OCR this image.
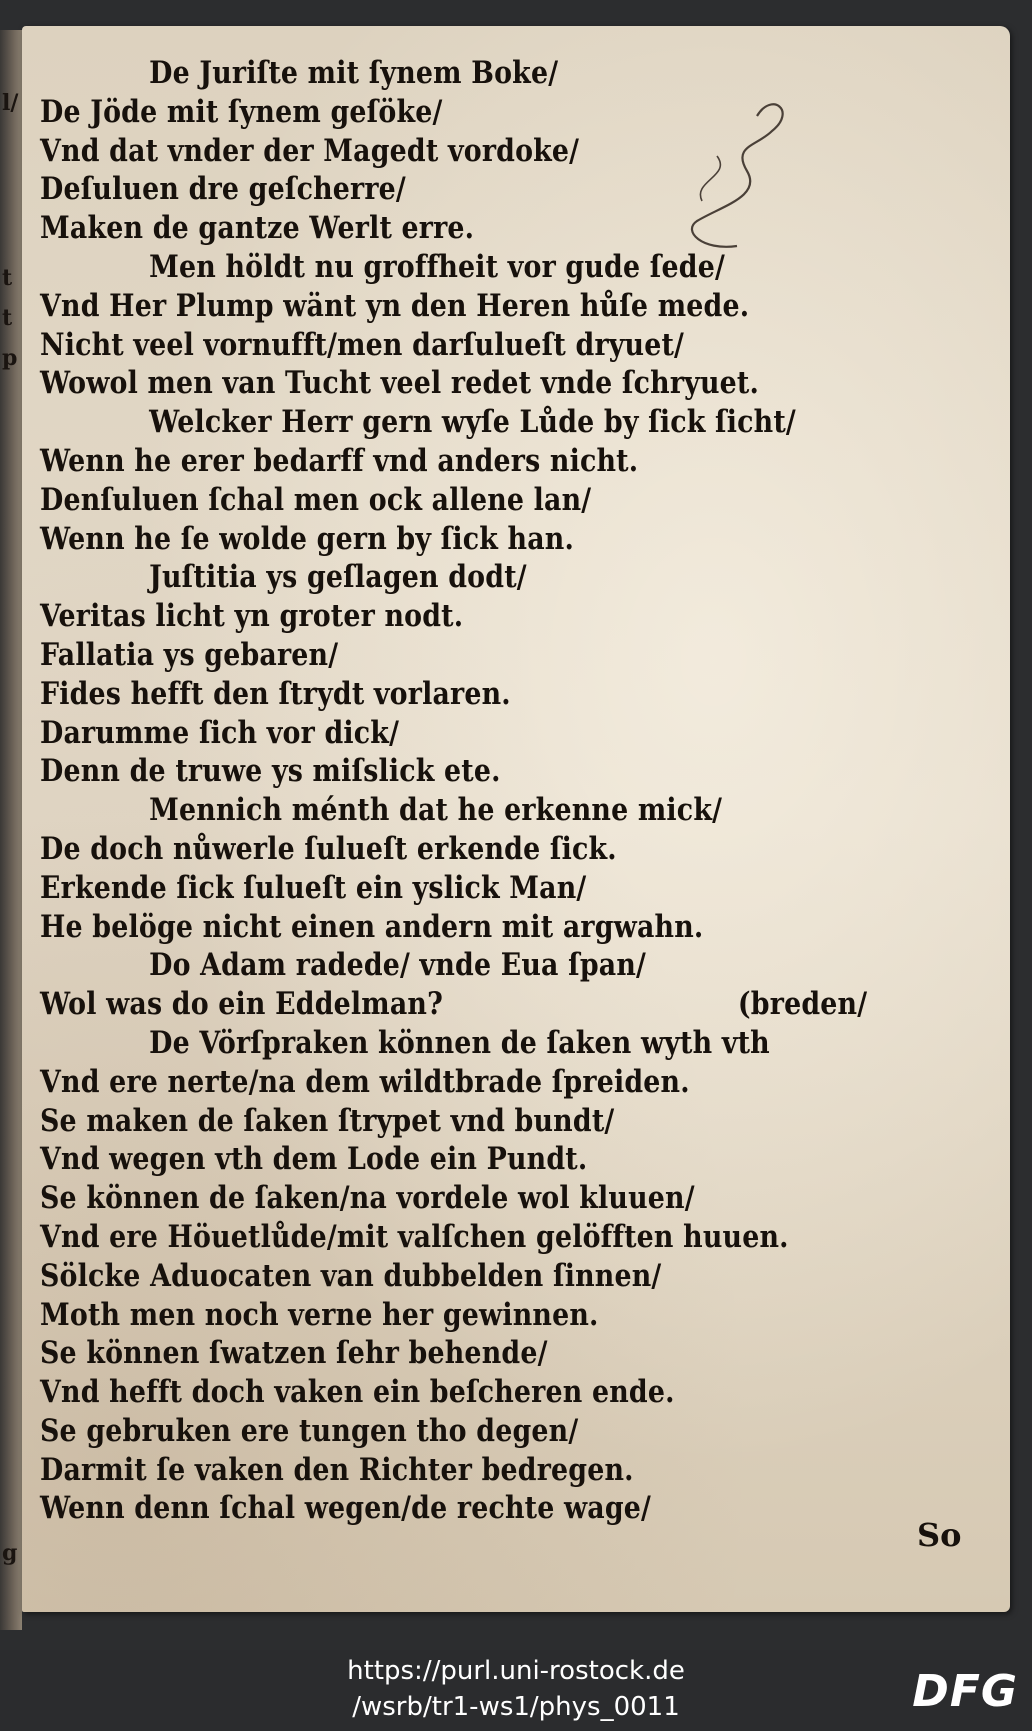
l/
t
t
p
g
De Juriſte mit ſynem Boke/
De Jöde mit ſynem geſöke/
Vnd dat vnder der Magedt vordoke/
Deſuluen dre geſcherre/
Maken de gantze Werlt erre.
Men höldt nu groffheit vor gude ſede/
Vnd Her Plump wänt yn den Heren hůſe mede.
Nicht veel vornufft/men darſulueſt dryuet/
Wowol men van Tucht veel redet vnde ſchryuet.
Welcker Herr gern wyſe Lůde by ſick ſicht/
Wenn he erer bedarff vnd anders nicht.
Denſuluen ſchal men ock allene lan/
Wenn he ſe wolde gern by ſick han.
Juſtitia ys geſlagen dodt/
Veritas licht yn groter nodt.
Fallatia ys gebaren/
Fides hefft den ſtrydt vorlaren.
Darumme ſich vor dick/
Denn de truwe ys miſslick ete.
Mennich ménth dat he erkenne mick/
De doch nůwerle ſulueſt erkende ſick.
Erkende ſick ſulueſt ein yslick Man/
He belöge nicht einen andern mit argwahn.
Do Adam radede/ vnde Eua ſpan/
Wol was do ein Eddelman?	(breden/
De Vörſpraken können de ſaken wyth vth
Vnd ere nerte/na dem wildtbrade ſpreiden.
Se maken de ſaken ſtrypet vnd bundt/
Vnd wegen vth dem Lode ein Pundt.
Se können de ſaken/na vordele wol kluuen/
Vnd ere Höuetlůde/mit valſchen gelöfften huuen.
Sölcke Aduocaten van dubbelden ſinnen/
Moth men noch verne her gewinnen.
Se können ſwatzen ſehr behende/
Vnd hefft doch vaken ein beſcheren ende.
Se gebruken ere tungen tho degen/
Darmit ſe vaken den Richter bedregen.
Wenn denn ſchal wegen/de rechte wage/
So
https://purl.uni-rostock.de
/wsrb/tr1-ws1/phys_0011	DFG
